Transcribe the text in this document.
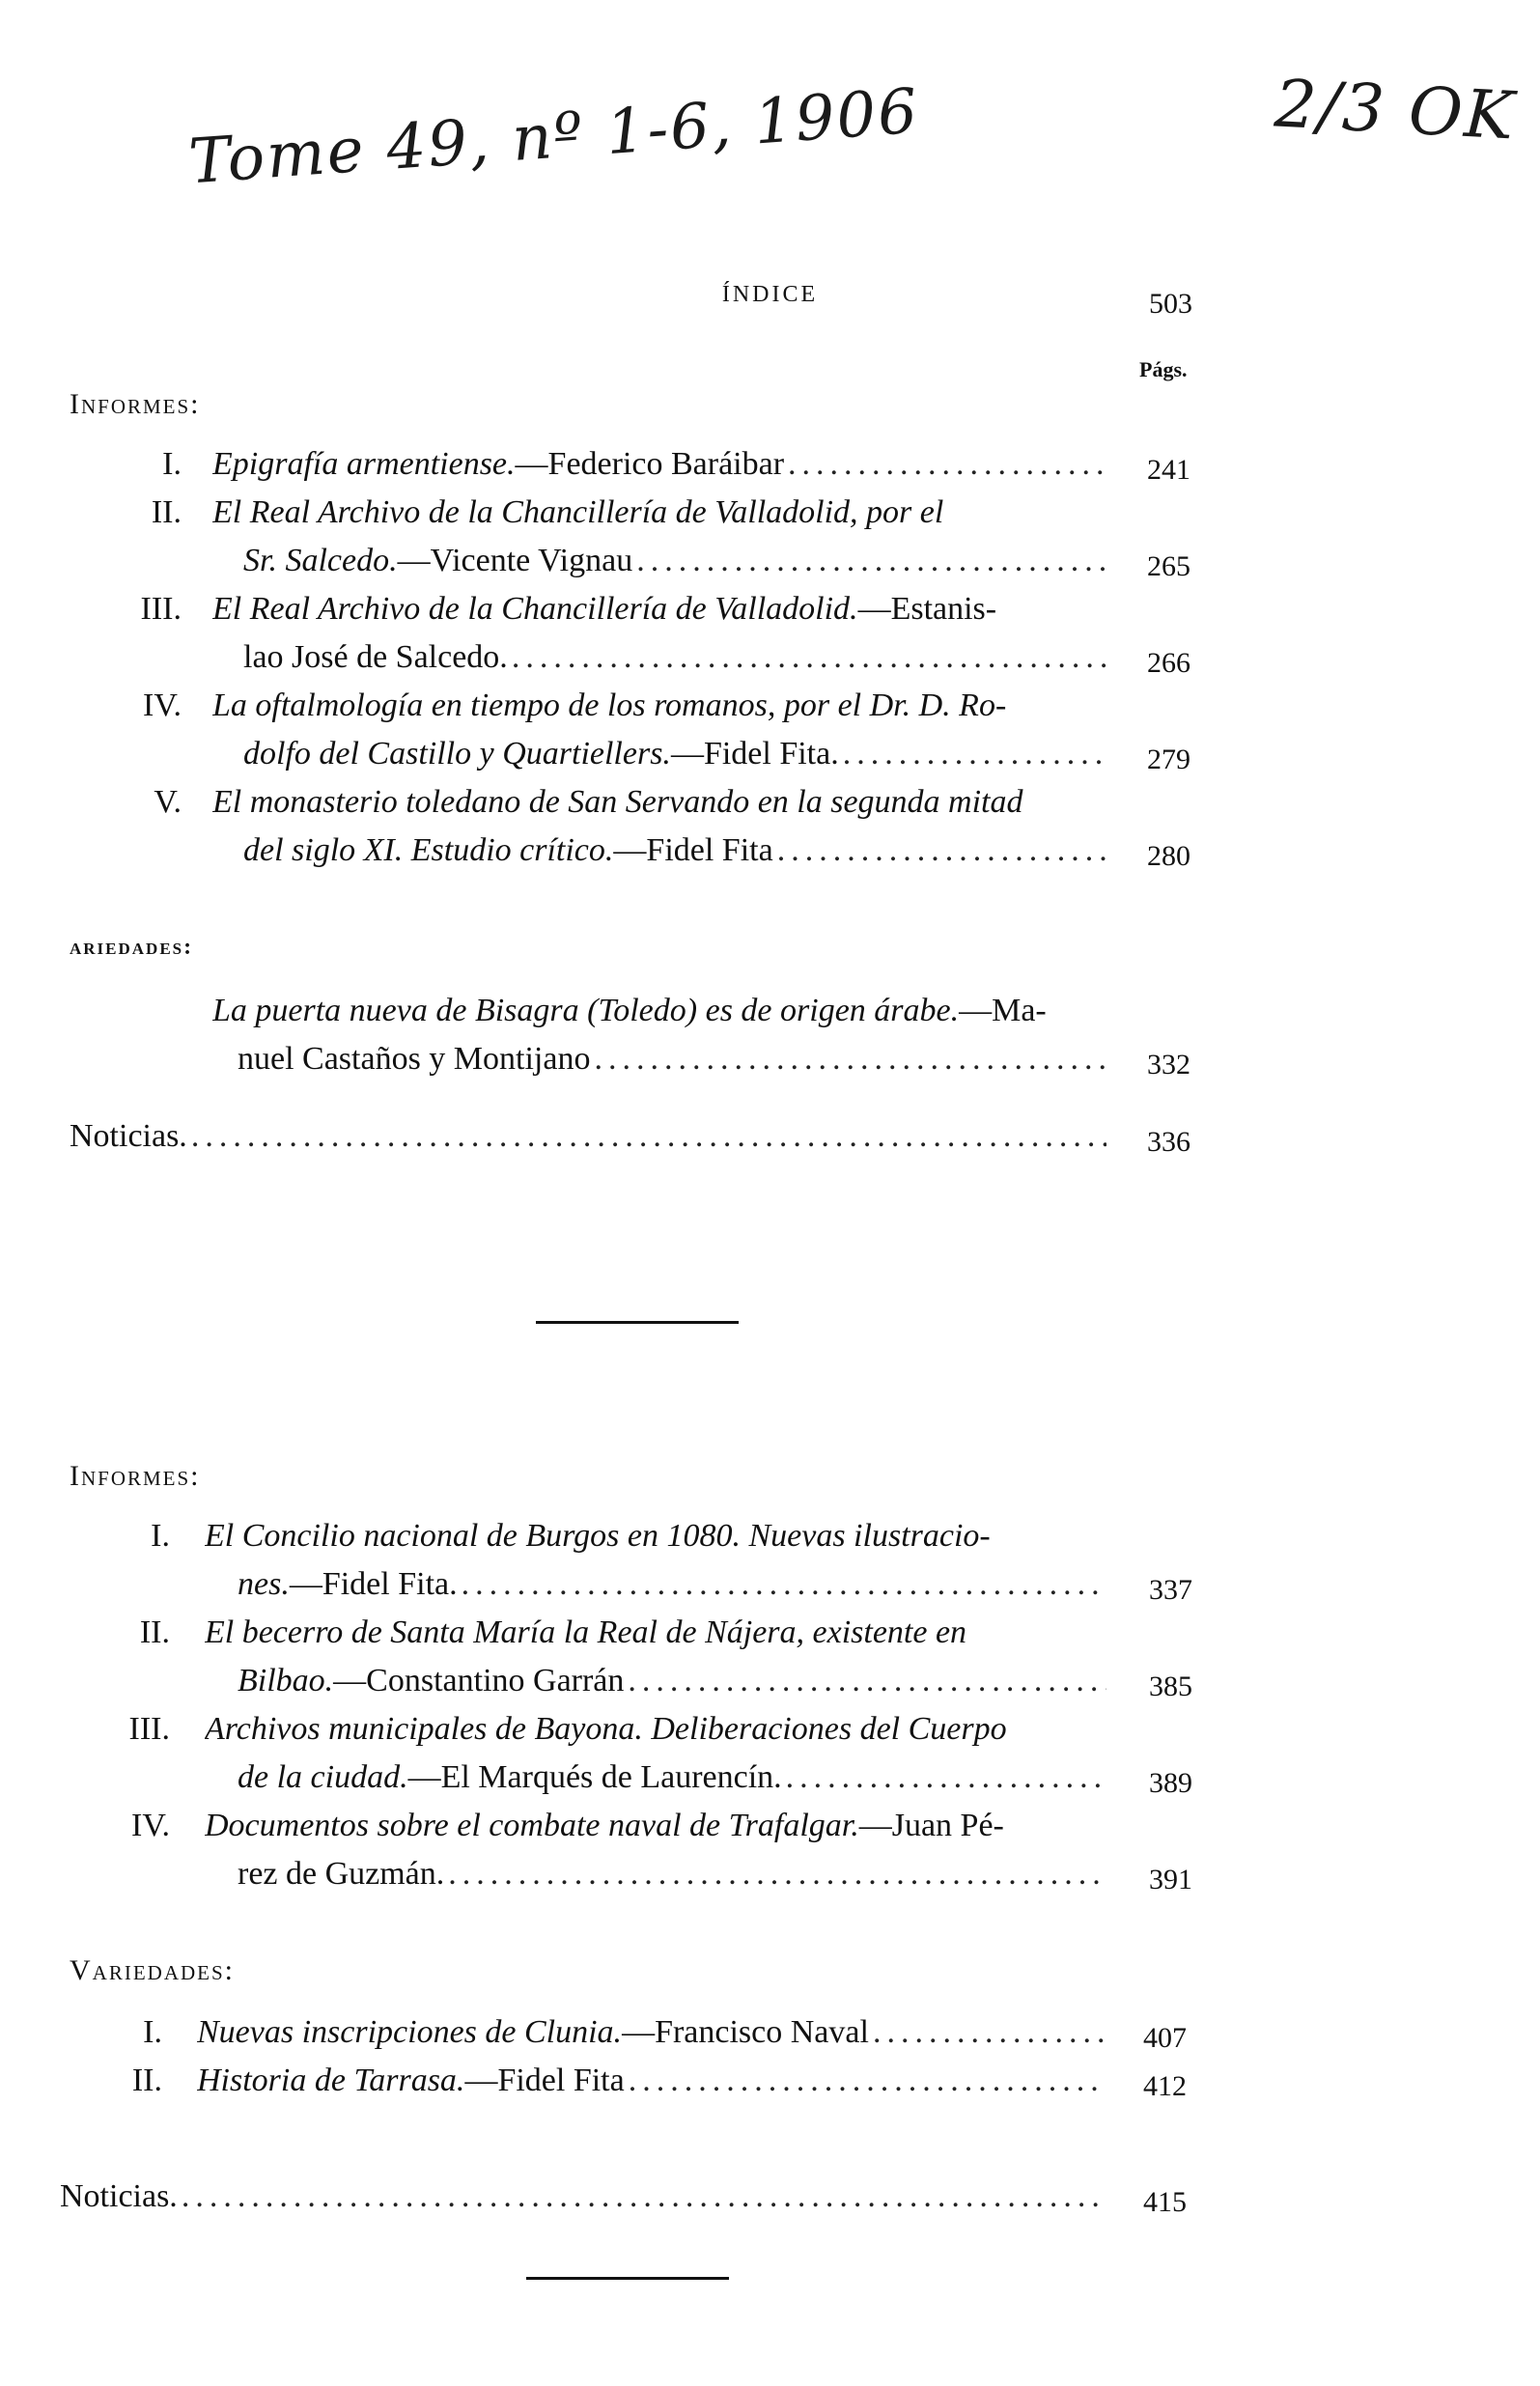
Tome 49, nº 1-6, 1906	2/3 OK
ÍNDICE	503
Págs.
Informes:
I. Epigrafía armentiense. —Federico Baráibar .....	241
II. El Real Archivo de la Chancillería de Valladolid, por el
Sr. Salcedo. —Vicente Vignau .....	265
III. El Real Archivo de la Chancillería de Valladolid. —Estanis-
lao José de Salcedo. .....	266
IV. La oftalmología en tiempo de los romanos, por el Dr. D. Ro-
dolfo del Castillo y Quartiellers. —Fidel Fita. .....	279
V. El monasterio toledano de San Servando en la segunda mitad
del siglo XI. Estudio crítico. —Fidel Fita .....	280
ariedades:
La puerta nueva de Bisagra (Toledo) es de origen árabe. —Ma-
nuel Castaños y Montijano .....	332
Noticias. .....	336
Informes:
I. El Concilio nacional de Burgos en 1080. Nuevas ilustracio-
nes. —Fidel Fita. .....	337
II. El becerro de Santa María la Real de Nájera, existente en
Bilbao. —Constantino Garrán .....	385
III. Archivos municipales de Bayona. Deliberaciones del Cuerpo
de la ciudad. —El Marqués de Laurencín. .....	389
IV. Documentos sobre el combate naval de Trafalgar. —Juan Pé-
rez de Guzmán. .....	391
Variedades:
I. Nuevas inscripciones de Clunia. —Francisco Naval .....	407
II. Historia de Tarrasa. —Fidel Fita .....	412
Noticias. .....	415
